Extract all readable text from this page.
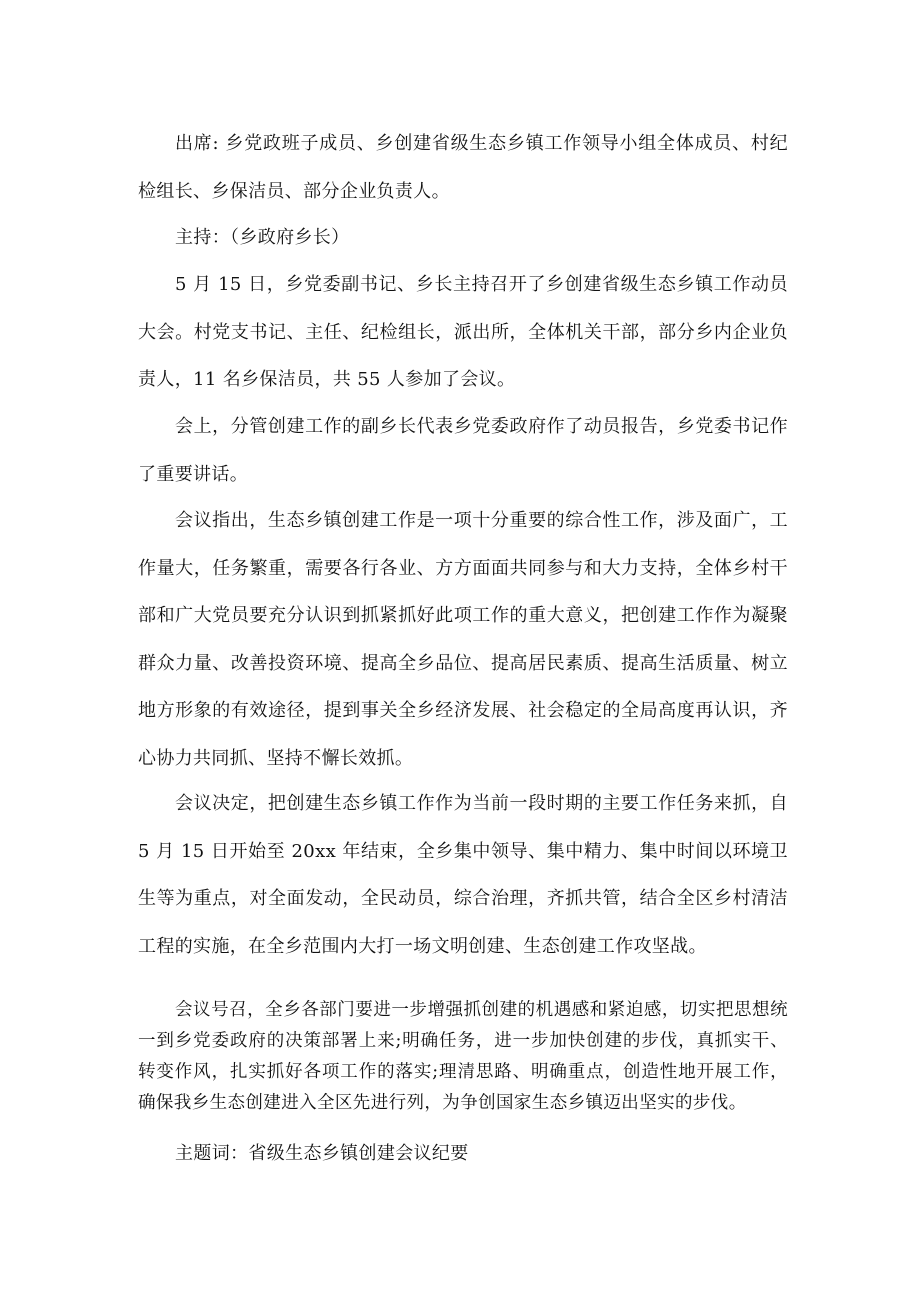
出席: 乡党政班子成员、乡创建省级生态乡镇工作领导小组全体成员、村纪检组长、乡保洁员、部分企业负责人。

主持：（乡政府乡长）

5 月 15 日，乡党委副书记、乡长主持召开了乡创建省级生态乡镇工作动员大会。村党支书记、主任、纪检组长，派出所，全体机关干部，部分乡内企业负责人，11 名乡保洁员，共 55 人参加了会议。

会上，分管创建工作的副乡长代表乡党委政府作了动员报告，乡党委书记作了重要讲话。

会议指出，生态乡镇创建工作是一项十分重要的综合性工作，涉及面广，工作量大，任务繁重，需要各行各业、方方面面共同参与和大力支持，全体乡村干部和广大党员要充分认识到抓紧抓好此项工作的重大意义，把创建工作作为凝聚群众力量、改善投资环境、提高全乡品位、提高居民素质、提高生活质量、树立地方形象的有效途径，提到事关全乡经济发展、社会稳定的全局高度再认识，齐心协力共同抓、坚持不懈长效抓。

会议决定，把创建生态乡镇工作作为当前一段时期的主要工作任务来抓，自 5 月 15 日开始至 20xx 年结束，全乡集中领导、集中精力、集中时间以环境卫生等为重点，对全面发动，全民动员，综合治理，齐抓共管，结合全区乡村清洁工程的实施，在全乡范围内大打一场文明创建、生态创建工作攻坚战。

会议号召，全乡各部门要进一步增强抓创建的机遇感和紧迫感，切实把思想统一到乡党委政府的决策部署上来;明确任务，进一步加快创建的步伐，真抓实干、转变作风，扎实抓好各项工作的落实;理清思路、明确重点，创造性地开展工作，确保我乡生态创建进入全区先进行列，为争创国家生态乡镇迈出坚实的步伐。

主题词：省级生态乡镇创建会议纪要
